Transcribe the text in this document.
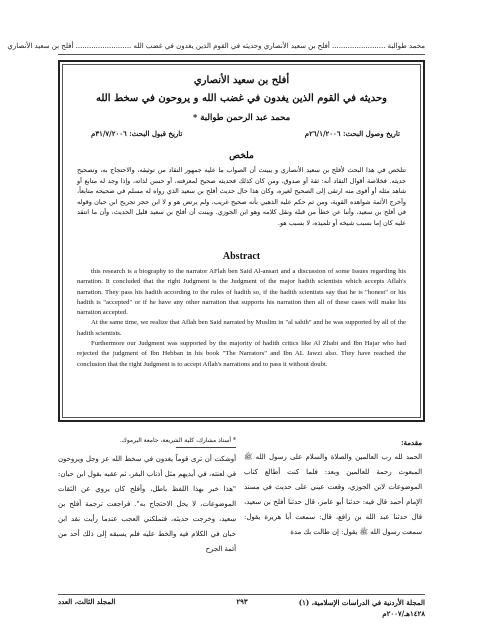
محمد طوالبة ........................ أفلح بن سعيد الأنصاري وحديثه في القوم الذين يغدون في غضب الله ......................... أفلح بن سعيد الأنصاري
أفلح بن سعيد الأنصاري
وحديثه في القوم الذين يغدون في غضب الله و يروحون في سخط الله
محمد عبد الرحمن طوالبة *
تاريخ وصول البحث: ٢٦/١/٢٠٠٦م
تاريخ قبول البحث: ٣١/٧/٢٠٠٦م
ملخص
تتلخص في هذا البحث لأفلح بن سعيد الأنصاري و يبينت أن الصواب ما عليه جمهور النقاد من توثيقه، والاحتجاج به، وتصحيح حديثه. فخلاصة أقوال النقاد أنه: ثقة أو صدوق، ومن كان كذلك فحديثه صحيح لمعرفته، أو حسن لذاته، وإذا وجد له متابع أو شاهد مثله أو أقوى منه ارتقى إلى الصحيح لغيره، وكان هذا حال حديث أفلح بن سعيد الذي رواه له مسلم في صحيحه متابعاً، وأخرج الأئمة شواهده القوية، ومن ثم حكم عليه الذهبي بأنه صحيح غريب، ولم يرتض هو و لا ابن حجر تجريح ابن حبان وقوله في أفلح بن سعيد، وأننا عن خطأ من قبله ونقل كلامه وهو ابن الجوزي. ويبنت أن أفلح بن سعيد قليل الحديث، وأن ما انتقد عليه كان إما بسبب شيخه أو تلميذه، لا بسبب هو.
Abstract

this research is a biography to the narrator AFlah ben Said Al-ansari and a discussion of some Issues regarding his narration. It concluded that the right Judgment is the Judgment of the major hadith scientists which accepts Aflah's narration. They pass his hadith according to the rules of hadith so, if the hadith scientists say that he is "honest" or his hadith is "accepted" or if he have any other narration that supports his narration then all of these cases will make his narration accepted.

At the same time, we realize that Aflah ben Said narrated by Muslim in "al sahih" and he was supported by all of the hadith scientists.

Furthermore our Judgment was supported by the majority of hadith critics like Al Zhabi and Ibn Hajar who had rejected the judgment of Ibn Hebban in his book "The Narrators" and Ibn AL Jawzi also. They have reached the conclusion that the right Judgment is to accept Aflah's narrations and to pass it without doubt.

مقدمة:
الحمد لله رب العالمين والصلاة والسلام على رسول الله ﷺ المبعوث رحمة للعالمين وبعد: فلما كنت أطالع كتاب الموضوعات لابن الجوزي، وقعت عيني على حديث في مسند الإمام أحمد قال فيه: حدثنا أبو عامر، قال حدثنا أفلح بن سعيد، قال حدثنا عبد الله بن رافع، قال: سمعت أبا هريرة يقول: سمعت رسول الله ﷺ يقول: إن طالت بك مدة
* أستاذ مشارك، كلية الشريعة، جامعة اليرموك.
أوشكت أن ترى قوماً يغدون في سخط الله عز وجل ويروحون في لعنته، في أيديهم مثل أذناب البقر، ثم عقبه بقول ابن حبان: "هذا خبر بهذا اللفظ باطل، وأفلح كان يروي عن الثقات الموضوعات، لا يحل الاحتجاج به". فراجعت ترجمة أفلح بن سعيد، وخرجت حديثه، فتملكني العجب عندما رأيت نقد ابن حبان في الكلام فيه والخط عليه فلم يسبقه إلى ذلك أحد من أئمة الجرح
المجلة الأردنية في الدراسات الإسلامية، (١) ١٤٢٨هـ/٢٠٠٧م
٢٩٣
المجلد الثالث، العدد
